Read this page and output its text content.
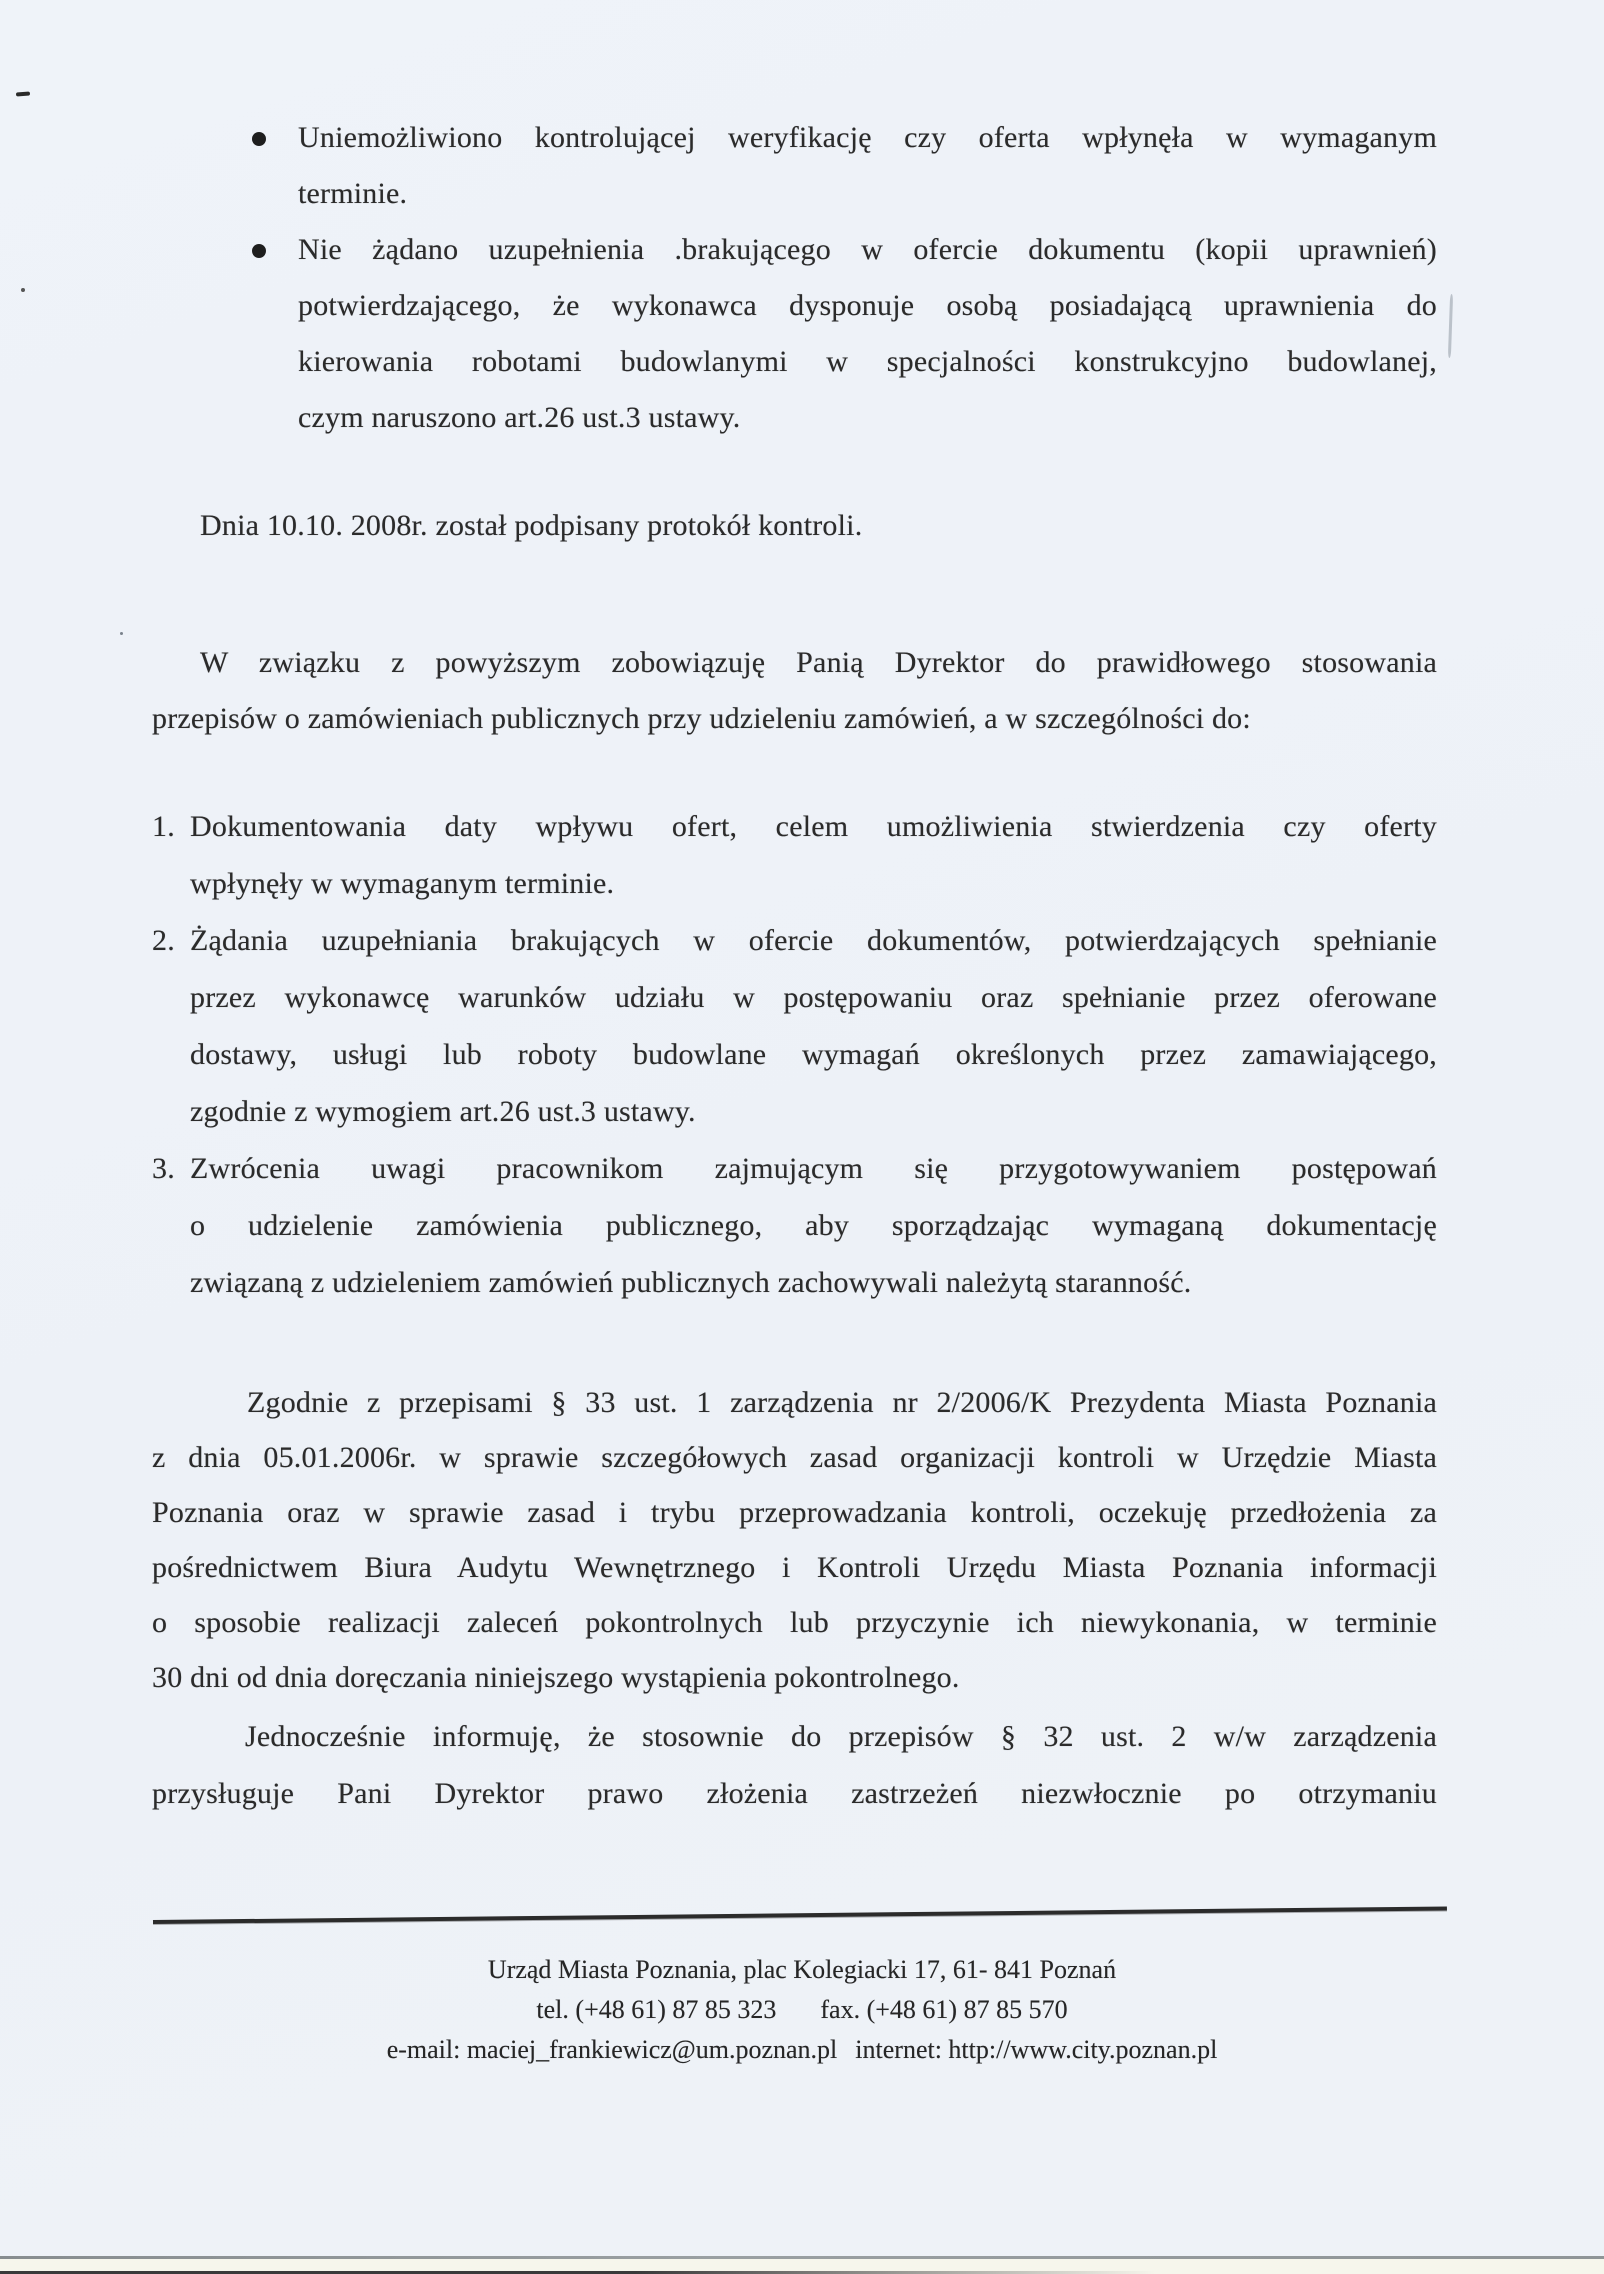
Uniemożliwiono kontrolującej weryfikację czy oferta wpłynęła w wymaganym
terminie.
Nie żądano uzupełnienia .brakującego w ofercie dokumentu (kopii uprawnień)
potwierdzającego, że wykonawca dysponuje osobą posiadającą uprawnienia do
kierowania robotami budowlanymi w specjalności konstrukcyjno budowlanej,
czym naruszono art.26 ust.3 ustawy.
Dnia 10.10. 2008r. został podpisany protokół kontroli.
W związku z powyższym zobowiązuję Panią Dyrektor do prawidłowego stosowania
przepisów o zamówieniach publicznych przy udzieleniu zamówień, a w szczególności do:
1. Dokumentowania daty wpływu ofert, celem umożliwienia stwierdzenia czy oferty
wpłynęły w wymaganym terminie.
2. Żądania uzupełniania brakujących w ofercie dokumentów, potwierdzających spełnianie
przez wykonawcę warunków udziału w postępowaniu oraz spełnianie przez oferowane
dostawy, usługi lub roboty budowlane wymagań określonych przez zamawiającego,
zgodnie z wymogiem art.26 ust.3 ustawy.
3. Zwrócenia uwagi pracownikom zajmującym się przygotowywaniem postępowań
o udzielenie zamówienia publicznego, aby sporządzając wymaganą dokumentację
związaną z udzieleniem zamówień publicznych zachowywali należytą staranność.
Zgodnie z przepisami § 33 ust. 1 zarządzenia nr 2/2006/K Prezydenta Miasta Poznania
z dnia 05.01.2006r. w sprawie szczegółowych zasad organizacji kontroli w Urzędzie Miasta
Poznania oraz w sprawie zasad i trybu przeprowadzania kontroli, oczekuję przedłożenia za
pośrednictwem Biura Audytu Wewnętrznego i Kontroli Urzędu Miasta Poznania informacji
o sposobie realizacji zaleceń pokontrolnych lub przyczynie ich niewykonania, w terminie
30 dni od dnia doręczania niniejszego wystąpienia pokontrolnego.
Jednocześnie informuję, że stosownie do przepisów § 32 ust. 2 w/w zarządzenia
przysługuje Pani Dyrektor prawo złożenia zastrzeżeń niezwłocznie po otrzymaniu
Urząd Miasta Poznania, plac Kolegiacki 17, 61- 841 Poznań
tel. (+48 61) 87 85 323 fax. (+48 61) 87 85 570
e-mail: maciej_frankiewicz@um.poznan.pl internet: http://www.city.poznan.pl
